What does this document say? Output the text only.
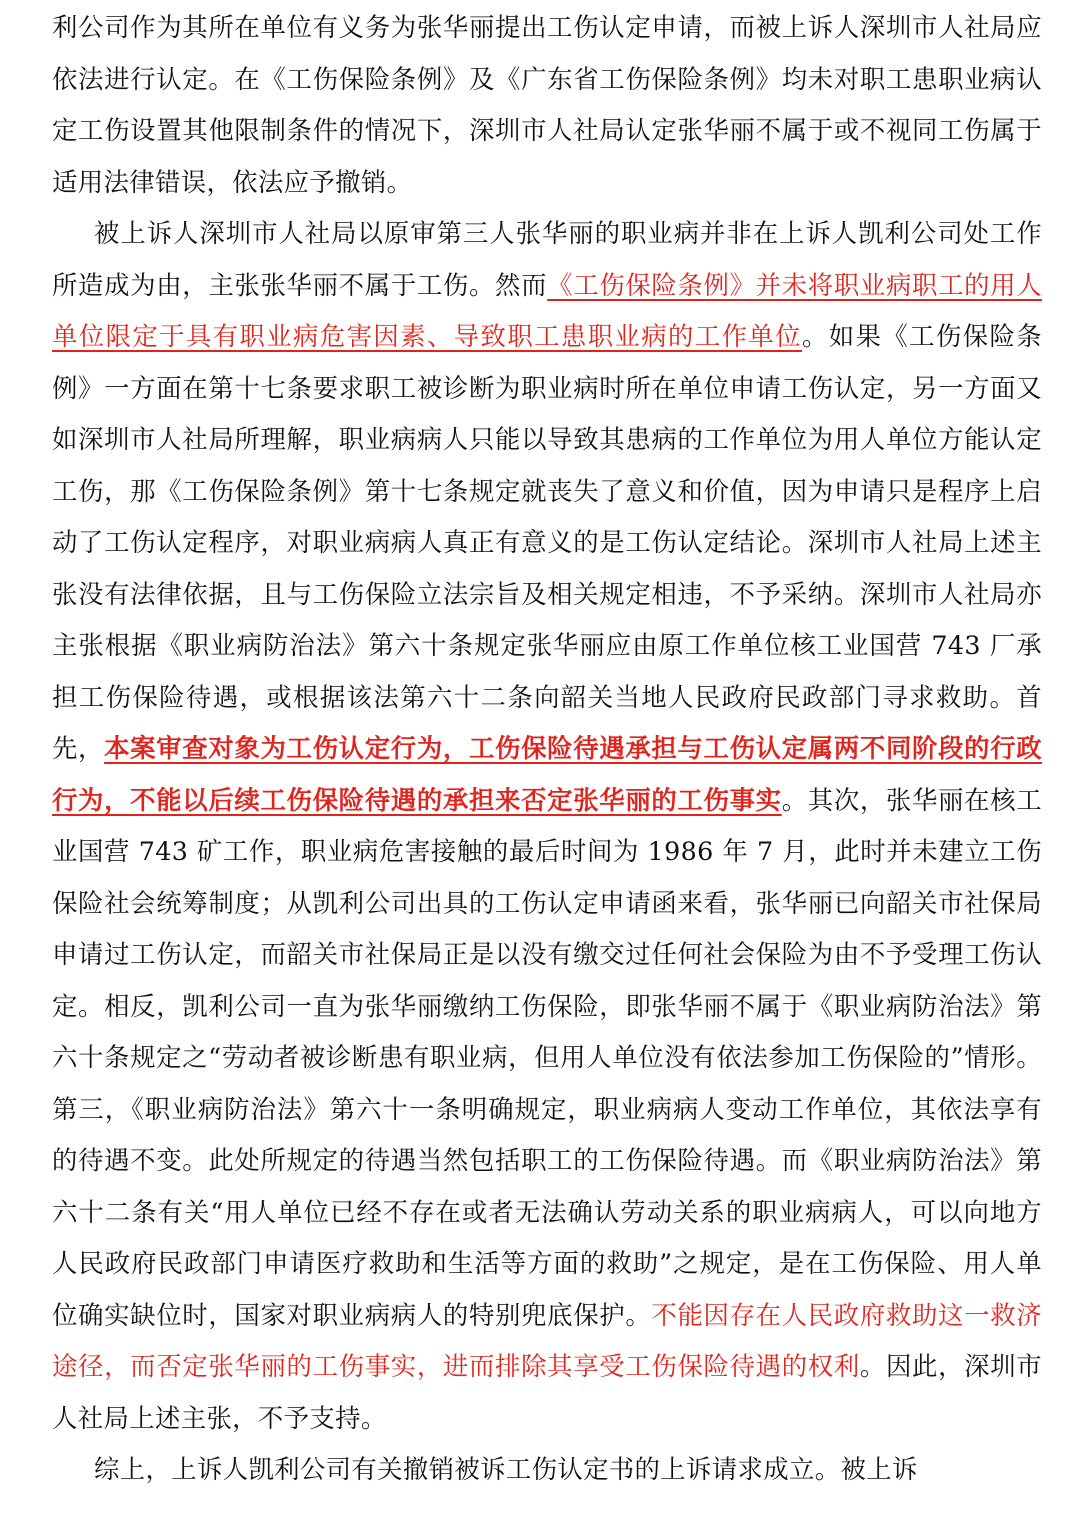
利公司作为其所在单位有义务为张华丽提出工伤认定申请，而被上诉人深圳市人社局应依法进行认定。在《工伤保险条例》及《广东省工伤保险条例》均未对职工患职业病认定工伤设置其他限制条件的情况下，深圳市人社局认定张华丽不属于或不视同工伤属于适用法律错误，依法应予撤销。

被上诉人深圳市人社局以原审第三人张华丽的职业病并非在上诉人凯利公司处工作所造成为由，主张张华丽不属于工伤。然而《工伤保险条例》并未将职业病职工的用人单位限定于具有职业病危害因素、导致职工患职业病的工作单位。如果《工伤保险条例》一方面在第十七条要求职工被诊断为职业病时所在单位申请工伤认定，另一方面又如深圳市人社局所理解，职业病病人只能以导致其患病的工作单位为用人单位方能认定工伤，那《工伤保险条例》第十七条规定就丧失了意义和价值，因为申请只是程序上启动了工伤认定程序，对职业病病人真正有意义的是工伤认定结论。深圳市人社局上述主张没有法律依据，且与工伤保险立法宗旨及相关规定相违，不予采纳。深圳市人社局亦主张根据《职业病防治法》第六十条规定张华丽应由原工作单位核工业国营 743 厂承担工伤保险待遇，或根据该法第六十二条向韶关当地人民政府民政部门寻求救助。首先，本案审查对象为工伤认定行为，工伤保险待遇承担与工伤认定属两不同阶段的行政行为，不能以后续工伤保险待遇的承担来否定张华丽的工伤事实。其次，张华丽在核工业国营 743 矿工作，职业病危害接触的最后时间为 1986 年 7 月，此时并未建立工伤保险社会统筹制度；从凯利公司出具的工伤认定申请函来看，张华丽已向韶关市社保局申请过工伤认定，而韶关市社保局正是以没有缴交过任何社会保险为由不予受理工伤认定。相反，凯利公司一直为张华丽缴纳工伤保险，即张华丽不属于《职业病防治法》第六十条规定之“劳动者被诊断患有职业病，但用人单位没有依法参加工伤保险的”情形。第三，《职业病防治法》第六十一条明确规定，职业病病人变动工作单位，其依法享有的待遇不变。此处所规定的待遇当然包括职工的工伤保险待遇。而《职业病防治法》第六十二条有关“用人单位已经不存在或者无法确认劳动关系的职业病病人，可以向地方人民政府民政部门申请医疗救助和生活等方面的救助”之规定，是在工伤保险、用人单位确实缺位时，国家对职业病病人的特别兜底保护。不能因存在人民政府救助这一救济途径，而否定张华丽的工伤事实，进而排除其享受工伤保险待遇的权利。因此，深圳市人社局上述主张，不予支持。

综上，上诉人凯利公司有关撤销被诉工伤认定书的上诉请求成立。被上诉
